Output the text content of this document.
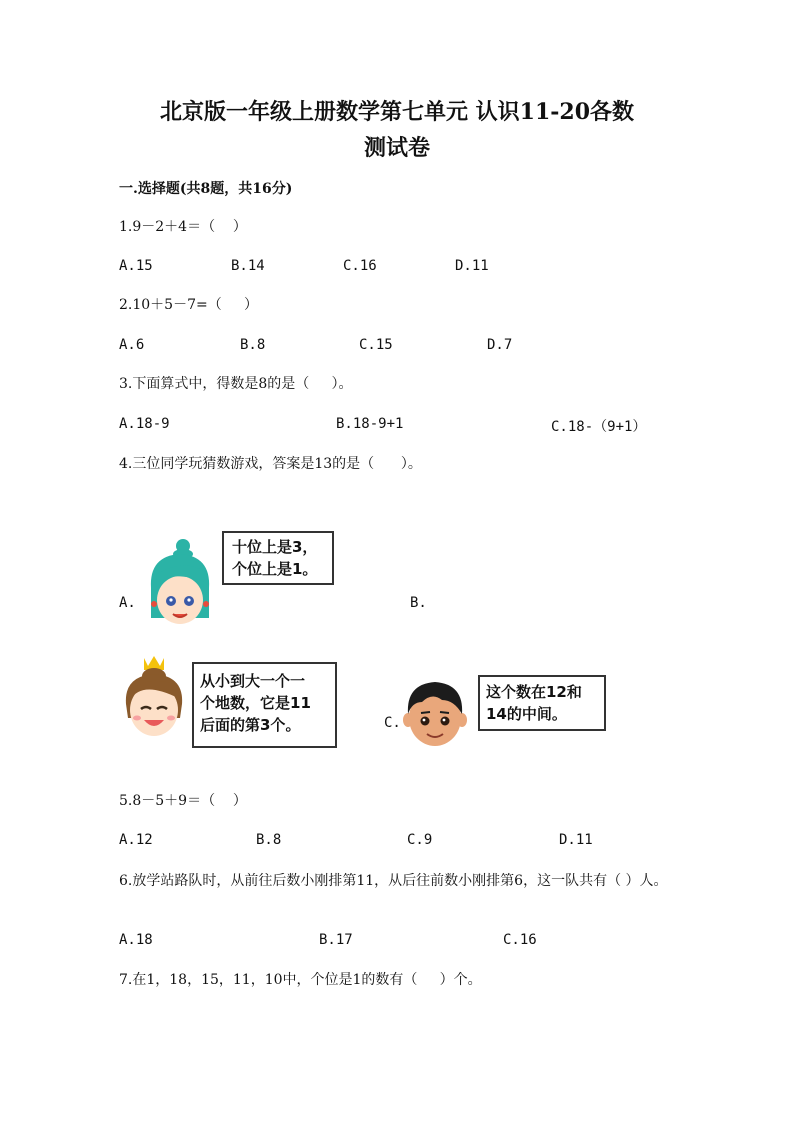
北京版一年级上册数学第七单元 认识11-20各数
测试卷
一.选择题(共8题，共16分)
1.9－2＋4＝（    ）
A.15	B.14	C.16	D.11
2.10＋5－7=（     ）
A.6	B.8	C.15	D.7
3.下面算式中，得数是8的是（     ）。
A.18-9	B.18-9+1	C.18-（9+1）
4.三位同学玩猜数游戏，答案是13的是（      ）。
十位上是3，
个位上是1。
A.	B.
从小到大一个一
个地数，它是11
后面的第3个。	C.
这个数在12和
14的中间。
5.8－5＋9＝（    ）
A.12	B.8	C.9	D.11
6.放学站路队时，从前往后数小刚排第11，从后往前数小刚排第6，这一队共有（ ）人。
A.18	B.17	C.16
7.在1，18，15，11，10中，个位是1的数有（     ）个。
